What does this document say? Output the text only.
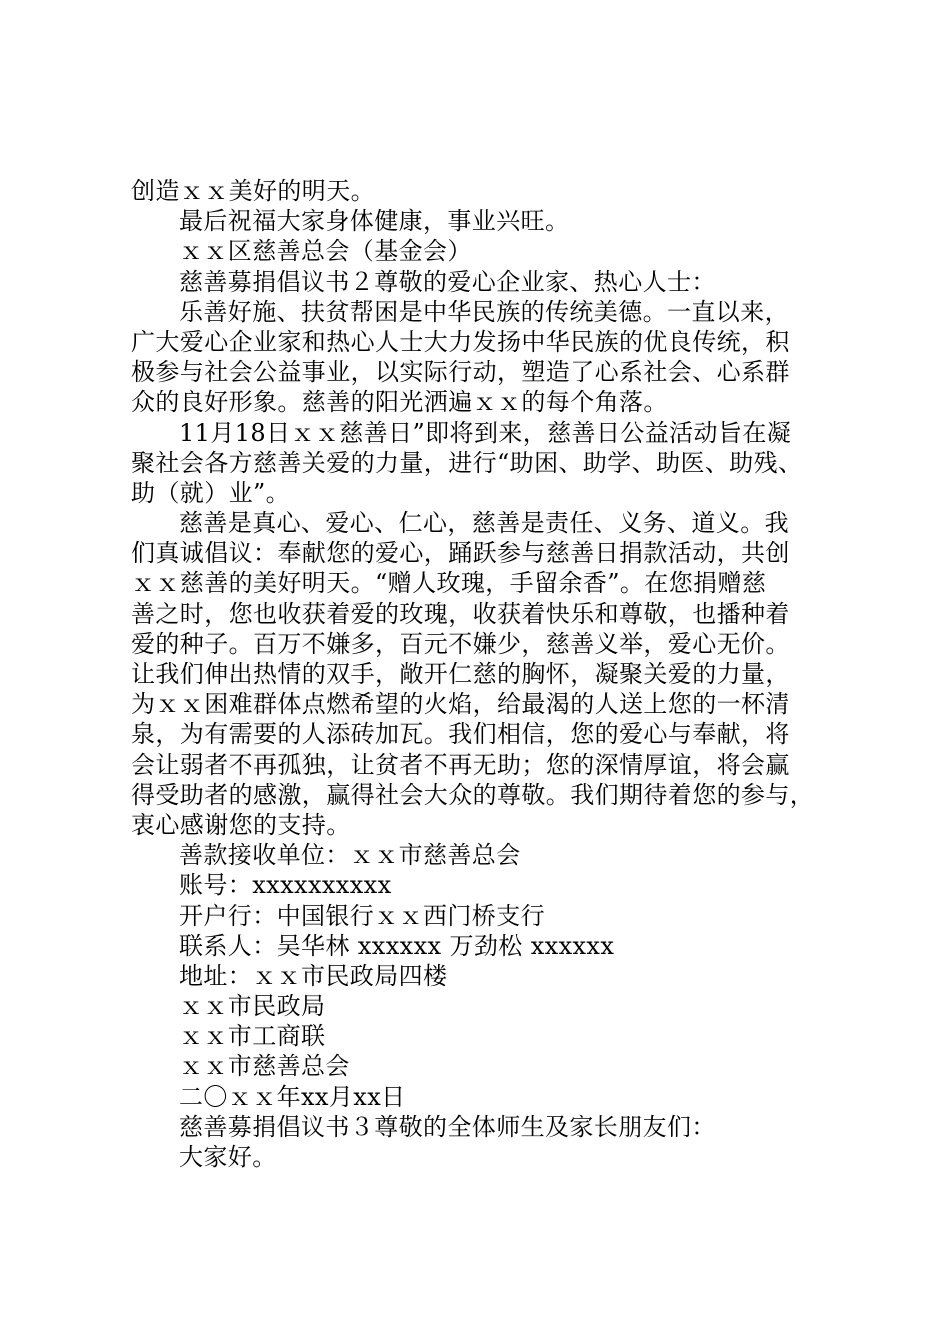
创造ｘｘ美好的明天。
最后祝福大家身体健康，事业兴旺。
ｘｘ区慈善总会（基金会）
慈善募捐倡议书２尊敬的爱心企业家、热心人士：
乐善好施、扶贫帮困是中华民族的传统美德。一直以来，
广大爱心企业家和热心人士大力发扬中华民族的优良传统，积
极参与社会公益事业，以实际行动，塑造了心系社会、心系群
众的良好形象。慈善的阳光洒遍ｘｘ的每个角落。
11月18日ｘｘ慈善日”即将到来，慈善日公益活动旨在凝
聚社会各方慈善关爱的力量，进行“助困、助学、助医、助残、
助（就）业”。
慈善是真心、爱心、仁心，慈善是责任、义务、道义。我
们真诚倡议：奉献您的爱心，踊跃参与慈善日捐款活动，共创
ｘｘ慈善的美好明天。“赠人玫瑰，手留余香”。在您捐赠慈
善之时，您也收获着爱的玫瑰，收获着快乐和尊敬，也播种着
爱的种子。百万不嫌多，百元不嫌少，慈善义举，爱心无价。
让我们伸出热情的双手，敞开仁慈的胸怀，凝聚关爱的力量，
为ｘｘ困难群体点燃希望的火焰，给最渴的人送上您的一杯清
泉，为有需要的人添砖加瓦。我们相信，您的爱心与奉献，将
会让弱者不再孤独，让贫者不再无助；您的深情厚谊，将会赢
得受助者的感激，赢得社会大众的尊敬。我们期待着您的参与，
衷心感谢您的支持。
善款接收单位：ｘｘ市慈善总会
账号：xxxxxxxxxx
开户行：中国银行ｘｘ西门桥支行
联系人：吴华林 xxxxxx 万劲松 xxxxxx
地址：ｘｘ市民政局四楼
ｘｘ市民政局
ｘｘ市工商联
ｘｘ市慈善总会
二〇ｘｘ年xx月xx日
慈善募捐倡议书３尊敬的全体师生及家长朋友们：
大家好。
